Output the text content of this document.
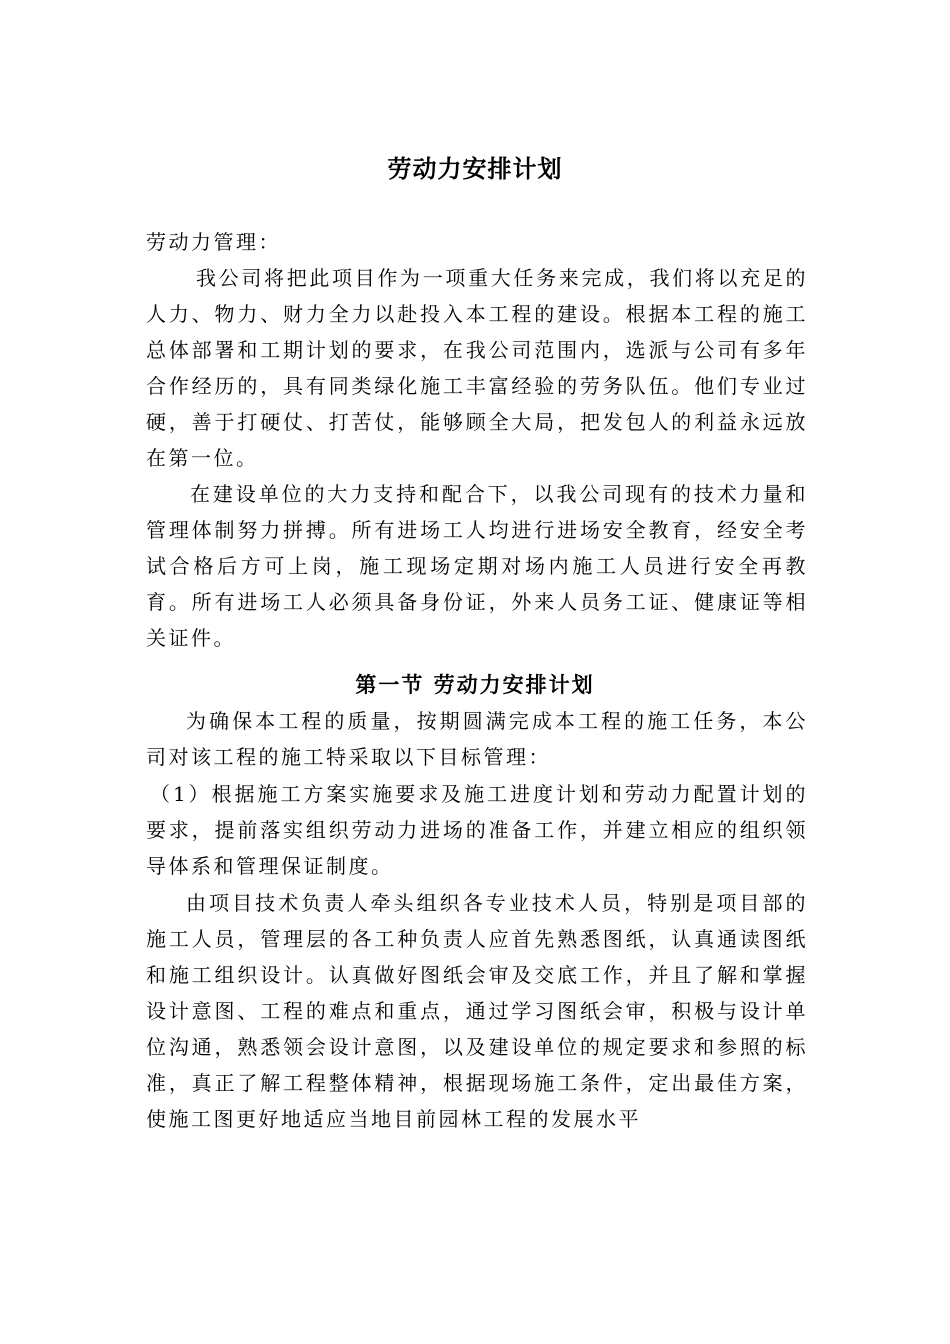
劳动力安排计划

劳动力管理：

我公司将把此项目作为一项重大任务来完成，我们将以充足的人力、物力、财力全力以赴投入本工程的建设。根据本工程的施工总体部署和工期计划的要求，在我公司范围内，选派与公司有多年合作经历的，具有同类绿化施工丰富经验的劳务队伍。他们专业过硬，善于打硬仗、打苦仗，能够顾全大局，把发包人的利益永远放在第一位。

在建设单位的大力支持和配合下，以我公司现有的技术力量和管理体制努力拼搏。所有进场工人均进行进场安全教育，经安全考试合格后方可上岗，施工现场定期对场内施工人员进行安全再教育。所有进场工人必须具备身份证，外来人员务工证、健康证等相关证件。

第一节 劳动力安排计划

为确保本工程的质量，按期圆满完成本工程的施工任务，本公司对该工程的施工特采取以下目标管理：

（1）根据施工方案实施要求及施工进度计划和劳动力配置计划的要求，提前落实组织劳动力进场的准备工作，并建立相应的组织领导体系和管理保证制度。

由项目技术负责人牵头组织各专业技术人员，特别是项目部的施工人员，管理层的各工种负责人应首先熟悉图纸，认真通读图纸和施工组织设计。认真做好图纸会审及交底工作，并且了解和掌握设计意图、工程的难点和重点，通过学习图纸会审，积极与设计单位沟通，熟悉领会设计意图，以及建设单位的规定要求和参照的标准，真正了解工程整体精神，根据现场施工条件，定出最佳方案，使施工图更好地适应当地目前园林工程的发展水平
